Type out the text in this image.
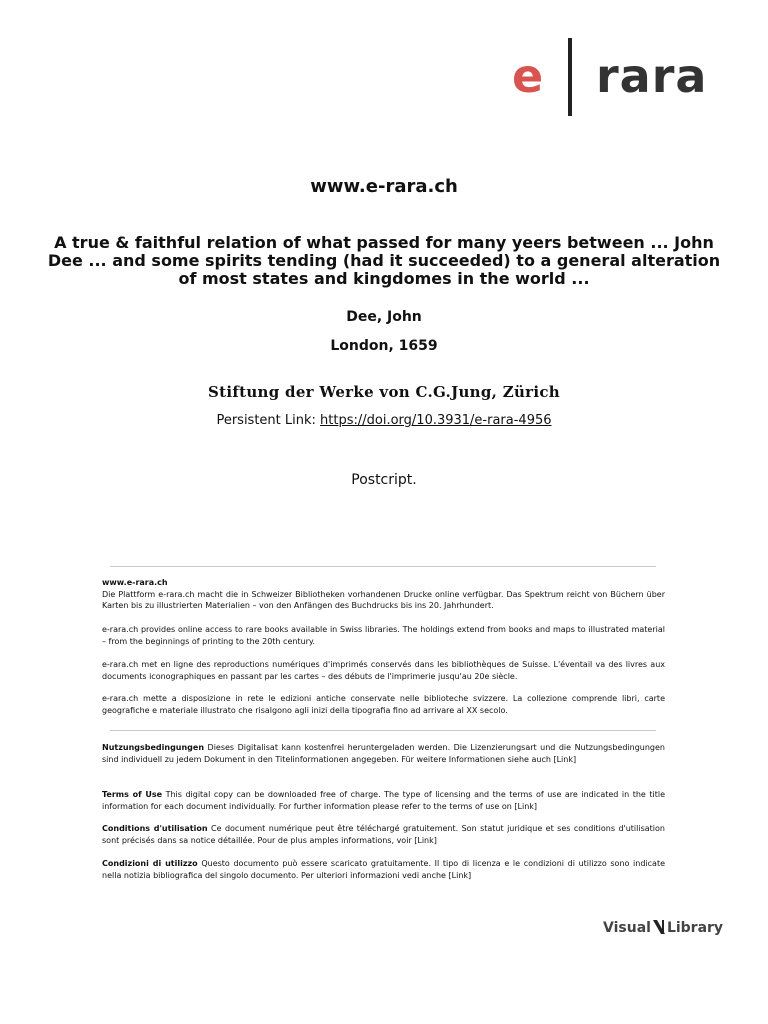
e rara
www.e-rara.ch
A true & faithful relation of what passed for many yeers between ... John Dee ... and some spirits tending (had it succeeded) to a general alteration of most states and kingdomes in the world ...
Dee, John
London, 1659
Stiftung der Werke von C.G.Jung, Zürich
Persistent Link: https://doi.org/10.3931/e-rara-4956
Postcript.
www.e-rara.ch
Die Plattform e-rara.ch macht die in Schweizer Bibliotheken vorhandenen Drucke online verfügbar. Das Spektrum reicht von Büchern über Karten bis zu illustrierten Materialien – von den Anfängen des Buchdrucks bis ins 20. Jahrhundert.
e-rara.ch provides online access to rare books available in Swiss libraries. The holdings extend from books and maps to illustrated material – from the beginnings of printing to the 20th century.
e-rara.ch met en ligne des reproductions numériques d'imprimés conservés dans les bibliothèques de Suisse. L'éventail va des livres aux documents iconographiques en passant par les cartes – des débuts de l'imprimerie jusqu'au 20e siècle.
e-rara.ch mette a disposizione in rete le edizioni antiche conservate nelle biblioteche svizzere. La collezione comprende libri, carte geografiche e materiale illustrato che risalgono agli inizi della tipografia fino ad arrivare al XX secolo.
Nutzungsbedingungen Dieses Digitalisat kann kostenfrei heruntergeladen werden. Die Lizenzierungsart und die Nutzungsbedingungen sind individuell zu jedem Dokument in den Titelinformationen angegeben. Für weitere Informationen siehe auch [Link]
Terms of Use This digital copy can be downloaded free of charge. The type of licensing and the terms of use are indicated in the title information for each document individually. For further information please refer to the terms of use on [Link]
Conditions d'utilisation Ce document numérique peut être téléchargé gratuitement. Son statut juridique et ses conditions d'utilisation sont précisés dans sa notice détaillée. Pour de plus amples informations, voir [Link]
Condizioni di utilizzo Questo documento può essere scaricato gratuitamente. Il tipo di licenza e le condizioni di utilizzo sono indicate nella notizia bibliografica del singolo documento. Per ulteriori informazioni vedi anche [Link]
Visual Library
